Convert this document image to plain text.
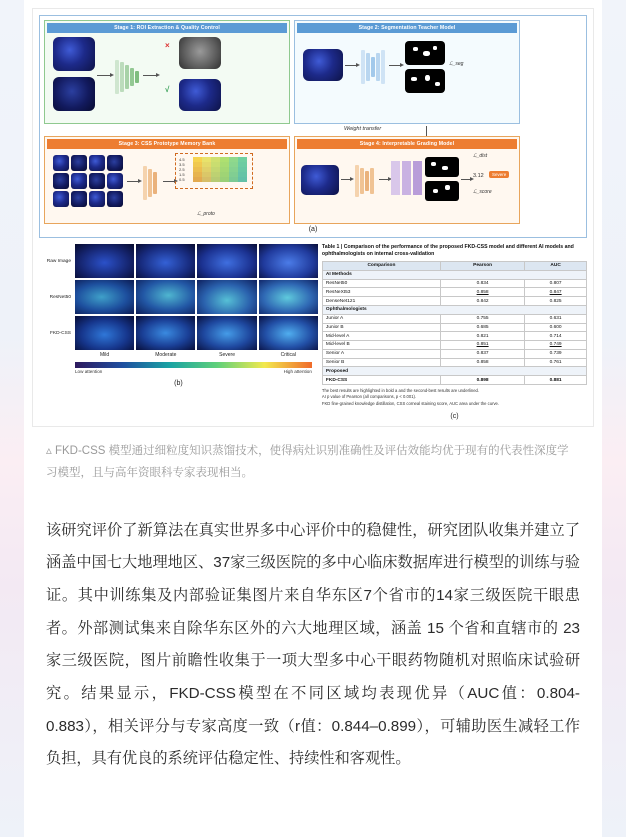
Stage 1: ROI Extraction & Quality Control
×
√
Stage 2: Segmentation Teacher Model
ℒ_seg
Weight transfer
Stage 3: CSS Prototype Memory Bank
4.5
3.5
2.5
1.5
0.5
ℒ_proto
Stage 4: Interpretable Grading Model
3.12	Severe
ℒ_dist
ℒ_score
(a)
Raw Image
ResNet50
FKD-CSS
Mild	Moderate	Severe	Critical
Low attention	High attention
(b)
Table 1 | Comparison of the performance of the proposed FKD-CSS model and different AI models and ophthalmologists on internal cross-validation
Comparison	Pearson	AUC
AI Methods		
ResNet50	0.834	0.807
ResNeXt53	0.858	0.847
DenseNet121	0.842	0.825
Ophthalmologists		
Junior A	0.755	0.631
Junior B	0.685	0.600
Mid-level A	0.821	0.714
Mid-level B	0.851	0.749
Senior A	0.837	0.739
Senior B	0.858	0.761
Proposed		
FKD-CSS	0.898	0.881
The best results are highlighted in bold a and the second-best results are underlined.
AI p value of Pearson (all comparisons, p < 0.001).
FKD fine-grained knowledge distillation, CSS corneal staining score, AUC area under the curve.
(c)
▵ FKD-CSS 模型通过细粒度知识蒸馏技术，使得病灶识别准确性及评估效能均优于现有的代表性深度学习模型，且与高年资眼科专家表现相当。
该研究评价了新算法在真实世界多中心评价中的稳健性，研究团队收集并建立了涵盖中国七大地理地区、37家三级医院的多中心临床数据库进行模型的训练与验证。其中训练集及内部验证集图片来自华东区7个省市的14家三级医院干眼患者。外部测试集来自除华东区外的六大地理区域，涵盖 15 个省和直辖市的 23 家三级医院，图片前瞻性收集于一项大型多中心干眼药物随机对照临床试验研究。结果显示，FKD-CSS模型在不同区域均表现优异（AUC值：0.804-0.883），相关评分与专家高度一致（r值：0.844–0.899），可辅助医生减轻工作负担，具有优良的系统评估稳定性、持续性和客观性。
